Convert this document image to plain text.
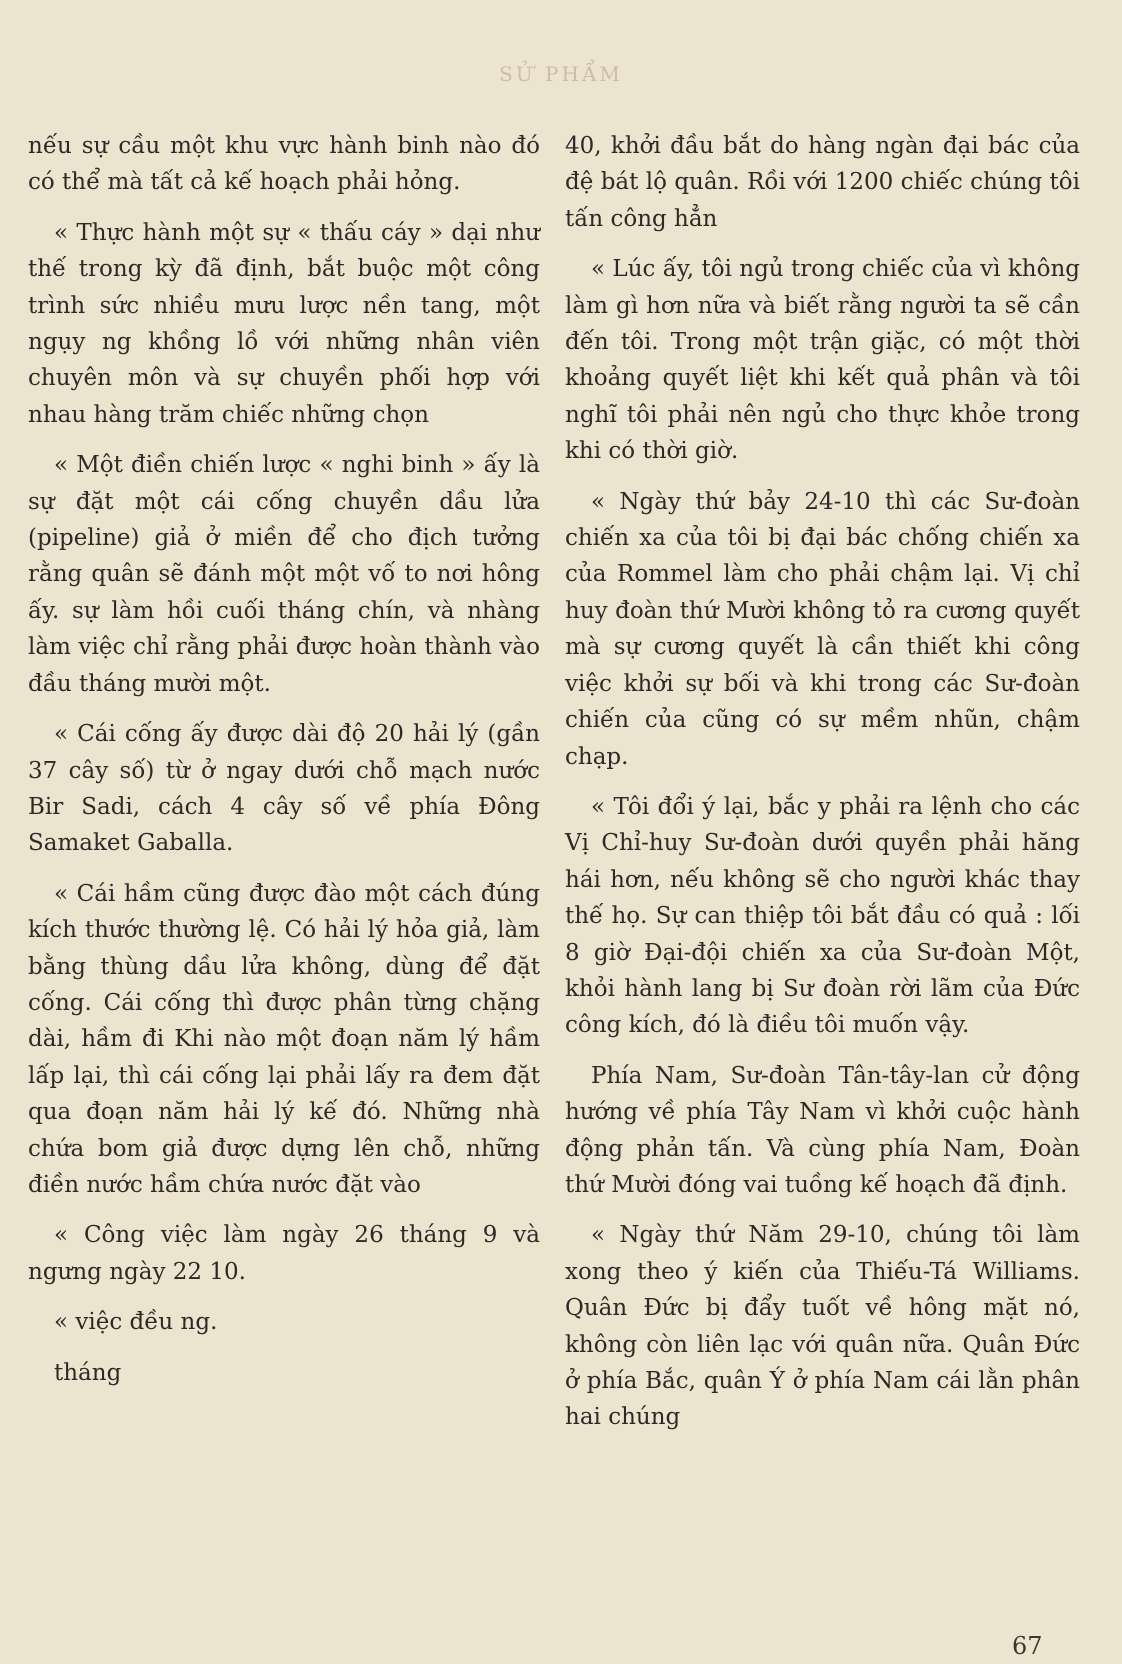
SỬ PHẨM

nếu sự cầu một khu vực hành binh nào đó có thể mà tất cả kế hoạch phải hỏng.

« Thực hành một sự « thấu cáy » dại như thế trong kỳ đã định, bắt buộc một công trình sức nhiều mưu lược nền tang, một ngụy ng khồng lồ với những nhân viên chuyên môn và sự chuyền phối hợp với nhau hàng trăm chiếc những chọn

« Một điền chiến lược « nghi binh » ấy là sự đặt một cái cống chuyền dầu lửa (pipeline) giả ở miền để cho địch tưởng rằng quân sẽ đánh một một vố to nơi hông ấy. sự làm hồi cuối tháng chín, và nhàng làm việc chỉ rằng phải được hoàn thành vào đầu tháng mười một.

« Cái cống ấy được dài độ 20 hải lý (gần 37 cây số) từ ở ngay dưới chỗ mạch nước Bir Sadi, cách 4 cây số về phía Đông Samaket Gaballa.

« Cái hầm cũng được đào một cách đúng kích thước thường lệ. Có hải lý hỏa giả, làm bằng thùng dầu lửa không, dùng để đặt cống. Cái cống thì được phân từng chặng dài, hầm đi Khi nào một đoạn năm lý hầm lấp lại, thì cái cống lại phải lấy ra đem đặt qua đoạn năm hải lý kế đó. Những nhà chứa bom giả được dựng lên chỗ, những điền nước hầm chứa nước đặt vào

« Công việc làm ngày 26 tháng 9 và ngưng ngày 22 10.

« việc đều ng.

tháng

40, khởi đầu bắt do hàng ngàn đại bác của đệ bát lộ quân. Rồi với 1200 chiếc chúng tôi tấn công hẳn

« Lúc ấy, tôi ngủ trong chiếc của vì không làm gì hơn nữa và biết rằng người ta sẽ cần đến tôi. Trong một trận giặc, có một thời khoảng quyết liệt khi kết quả phân và tôi nghĩ tôi phải nên ngủ cho thực khỏe trong khi có thời giờ.

« Ngày thứ bảy 24-10 thì các Sư-đoàn chiến xa của tôi bị đại bác chống chiến xa của Rommel làm cho phải chậm lại. Vị chỉ huy đoàn thứ Mười không tỏ ra cương quyết mà sự cương quyết là cần thiết khi công việc khởi sự bối và khi trong các Sư-đoàn chiến của cũng có sự mềm nhũn, chậm chạp.

« Tôi đổi ý lại, bắc y phải ra lệnh cho các Vị Chỉ-huy Sư-đoàn dưới quyền phải hăng hái hơn, nếu không sẽ cho người khác thay thế họ. Sự can thiệp tôi bắt đầu có quả : lối 8 giờ Đại-đội chiến xa của Sư-đoàn Một, khỏi hành lang bị Sư đoàn rời lãm của Đức công kích, đó là điều tôi muốn vậy.

Phía Nam, Sư-đoàn Tân-tây-lan cử động hướng về phía Tây Nam vì khởi cuộc hành động phản tấn. Và cùng phía Nam, Đoàn thứ Mười đóng vai tuồng kế hoạch đã định.

« Ngày thứ Năm 29-10, chúng tôi làm xong theo ý kiến của Thiếu-Tá Williams. Quân Đức bị đẩy tuốt về hông mặt nó, không còn liên lạc với quân nữa. Quân Đức ở phía Bắc, quân Ý ở phía Nam cái lằn phân hai chúng

67
